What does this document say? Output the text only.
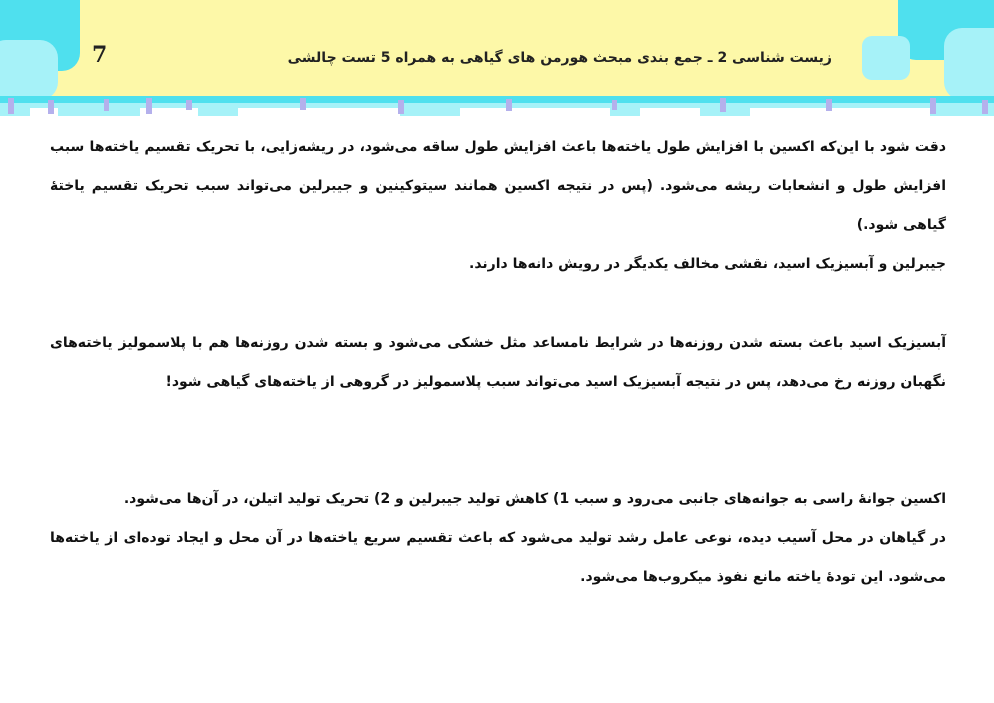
7	زیست شناسی 2 ـ جمع بندی مبحث هورمن های گیاهی به همراه 5 تست چالشی

دقت شود با این‌که اکسین با افزایش طول یاخته‌ها باعث افزایش طول ساقه می‌شود، در ریشه‌زایی، با تحریک تقسیم یاخته‌ها سبب افزایش طول و انشعابات ریشه می‌شود. (پس در نتیجه اکسین همانند سیتوکینین و جیبرلین می‌تواند سبب تحریک تقسیم یاختهٔ گیاهی شود.)

جیبرلین و آبسیزیک اسید، نقشی مخالف یکدیگر در رویش دانه‌ها دارند.

آبسیزیک اسید باعث بسته شدن روزنه‌ها در شرایط نامساعد مثل خشکی می‌شود و بسته شدن روزنه‌ها هم با پلاسمولیز یاخته‌های نگهبان روزنه رخ می‌دهد، پس در نتیجه آبسیزیک اسید می‌تواند سبب پلاسمولیز در گروهی از یاخته‌های گیاهی شود!

اکسین جوانهٔ راسی به جوانه‌های جانبی می‌رود و سبب 1) کاهش تولید جیبرلین و 2) تحریک تولید اتیلن، در آن‌ها می‌شود.

در گیاهان در محل آسیب دیده، نوعی عامل رشد تولید می‌شود که باعث تقسیم سریع یاخته‌ها در آن محل و ایجاد توده‌ای از یاخته‌ها می‌شود. این تودهٔ یاخته مانع نفوذ میکروب‌ها می‌شود.
